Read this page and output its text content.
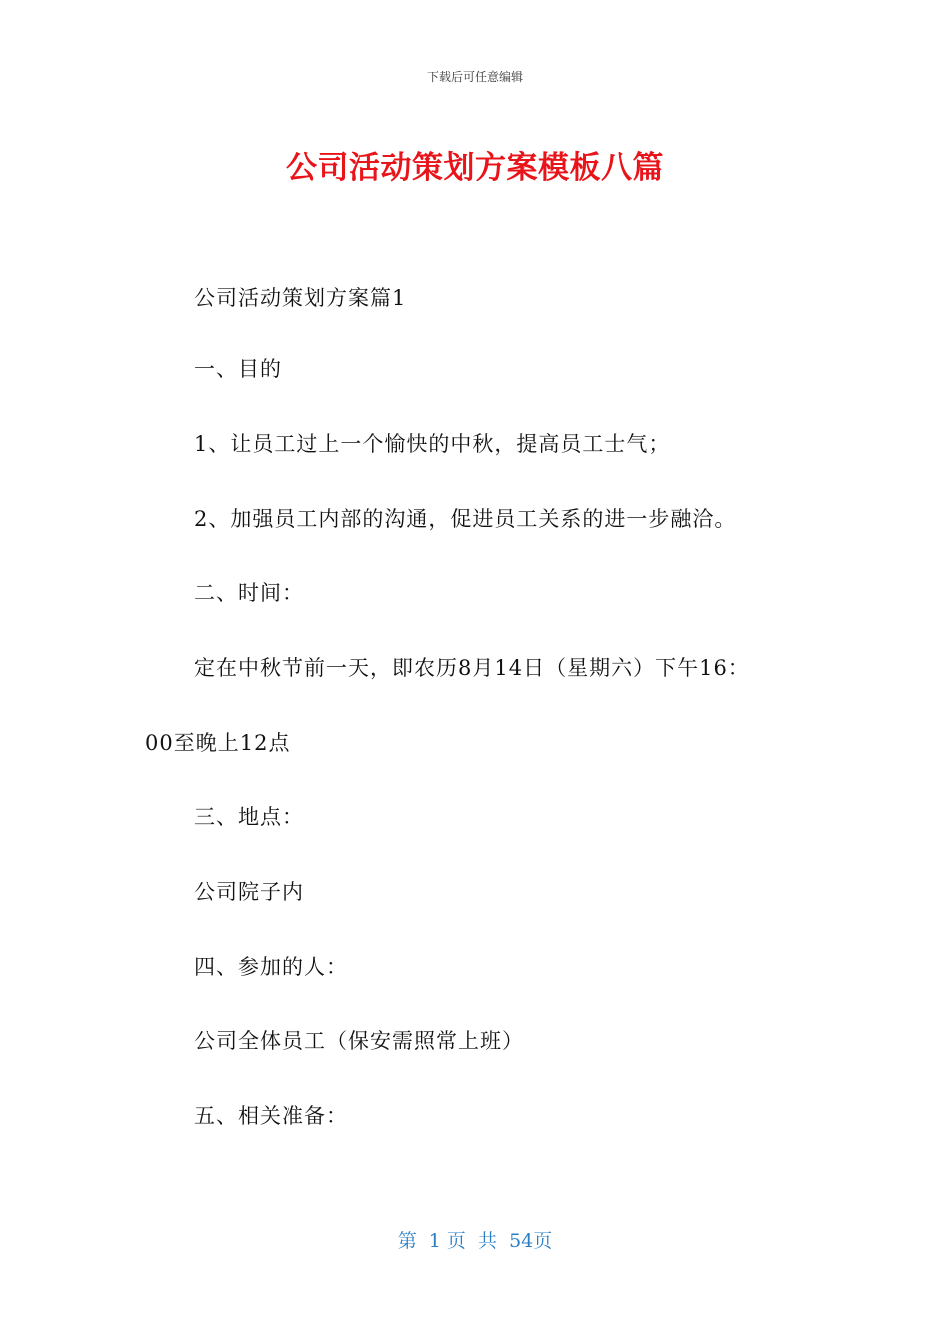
下载后可任意编辑
公司活动策划方案模板八篇
公司活动策划方案篇1
一、目的
1、让员工过上一个愉快的中秋，提高员工士气；
2、加强员工内部的沟通，促进员工关系的进一步融洽。
二、时间：
定在中秋节前一天，即农历8月14日（星期六）下午16：
00至晚上12点
三、地点：
公司院子内
四、参加的人：
公司全体员工（保安需照常上班）
五、相关准备：
第  1 页  共  54页
